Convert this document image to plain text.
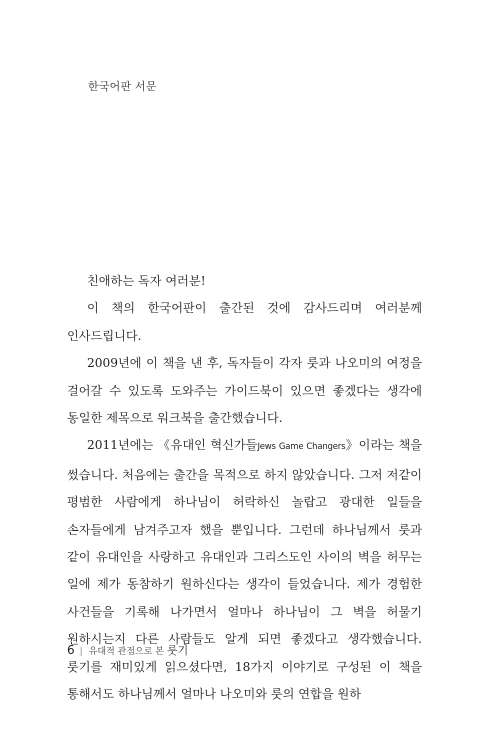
한국어판 서문

친애하는 독자 여러분!

이 책의 한국어판이 출간된 것에 감사드리며 여러분께 인사드립니다.

2009년에 이 책을 낸 후, 독자들이 각자 룻과 나오미의 여정을 걸어갈 수 있도록 도와주는 가이드북이 있으면 좋겠다는 생각에 동일한 제목으로 워크북을 출간했습니다.

2011년에는 《유대인 혁신가들Jews Game Changers》이라는 책을 썼습니다. 처음에는 출간을 목적으로 하지 않았습니다. 그저 저같이 평범한 사람에게 하나님이 허락하신 놀랍고 광대한 일들을 손자들에게 남겨주고자 했을 뿐입니다. 그런데 하나님께서 룻과 같이 유대인을 사랑하고 유대인과 그리스도인 사이의 벽을 허무는 일에 제가 동참하기 원하신다는 생각이 들었습니다. 제가 경험한 사건들을 기록해 나가면서 얼마나 하나님이 그 벽을 허물기 원하시는지 다른 사람들도 알게 되면 좋겠다고 생각했습니다. 룻기를 재미있게 읽으셨다면, 18가지 이야기로 구성된 이 책을 통해서도 하나님께서 얼마나 나오미와 룻의 연합을 원하

6 | 유대적 관점으로 본 룻기
